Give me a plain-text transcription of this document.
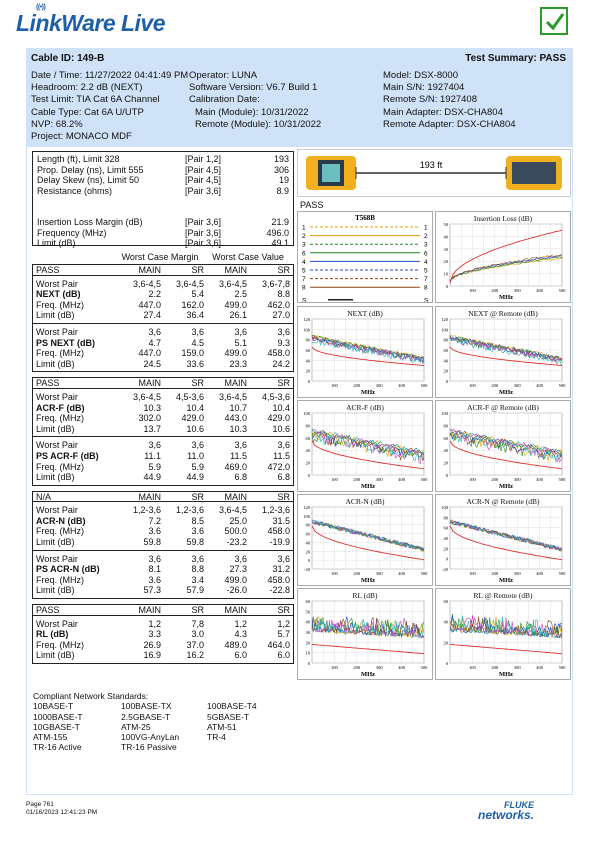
((•))
LinkWare Live
Cable ID: 149-B	Test Summary: PASS
Date / Time: 11/27/2022 04:41:49 PM
Headroom: 2.2 dB (NEXT)
Test Limit: TIA Cat 6A Channel
Cable Type: Cat 6A U/UTP
NVP: 68.2%
Project: MONACO MDF
Operator: LUNA
Software Version: V6.7 Build 1
Calibration Date:
Main (Module): 10/31/2022
Remote (Module): 10/31/2022
Model: DSX-8000
Main S/N: 1927404
Remote S/N: 1927408
Main Adapter: DSX-CHA804
Remote Adapter: DSX-CHA804
Length (ft), Limit 328	[Pair 1,2]	193
Prop. Delay (ns), Limit 555	[Pair 4,5]	306
Delay Skew (ns), Limit 50	[Pair 4,5]	19
Resistance (ohms)	[Pair 3,6]	8.9
Insertion Loss Margin (dB)	[Pair 3,6]	21.9
Frequency (MHz)	[Pair 3,6]	496.0
Limit (dB)	[Pair 3,6]	49.1
Worst Case Margin	Worst Case Value
PASS	MAIN	SR	MAIN	SR
Worst Pair	3,6-4,5	3,6-4,5	3,6-4,5	3,6-7,8
NEXT (dB)	2.2	5.4	2.5	8.8
Freq. (MHz)	447.0	162.0	499.0	462.0
Limit (dB)	27.4	36.4	26.1	27.0
Worst Pair	3,6	3,6	3,6	3,6
PS NEXT (dB)	4.7	4.5	5.1	9.3
Freq. (MHz)	447.0	159.0	499.0	458.0
Limit (dB)	24.5	33.6	23.3	24.2
PASS	MAIN	SR	MAIN	SR
Worst Pair	3,6-4,5	4,5-3,6	3,6-4,5	4,5-3,6
ACR-F (dB)	10.3	10.4	10.7	10.4
Freq. (MHz)	302.0	429.0	443.0	429.0
Limit (dB)	13.7	10.6	10.3	10.6
Worst Pair	3,6	3,6	3,6	3,6
PS ACR-F (dB)	11.1	11.0	11.5	11.5
Freq. (MHz)	5.9	5.9	469.0	472.0
Limit (dB)	44.9	44.9	6.8	6.8
N/A	MAIN	SR	MAIN	SR
Worst Pair	1,2-3,6	1,2-3,6	3,6-4,5	1,2-3,6
ACR-N (dB)	7.2	8.5	25.0	31.5
Freq. (MHz)	3.6	3.6	500.0	458.0
Limit (dB)	59.8	59.8	-23.2	-19.9
Worst Pair	3,6	3,6	3,6	3,6
PS ACR-N (dB)	8.1	8.8	27.3	31.2
Freq. (MHz)	3.6	3.4	499.0	458.0
Limit (dB)	57.3	57.9	-26.0	-22.8
PASS	MAIN	SR	MAIN	SR
Worst Pair	1,2	7,8	1,2	1,2
RL (dB)	3.3	3.0	4.3	5.7
Freq. (MHz)	26.9	37.0	489.0	464.0
Limit (dB)	16.9	16.2	6.0	6.0
Compliant Network Standards:
10BASE-T	100BASE-TX	100BASE-T4
1000BASE-T	2.5GBASE-T	5GBASE-T
10GBASE-T	ATM-25	ATM-51
ATM-155	100VG-AnyLan	TR-4
TR-16 Active	TR-16 Passive
193 ft
PASS
T568B
1	1
2	2
3	3
6	6
4	4
5	5
7	7
8	8
S	S
Insertion Loss (dB)
50
40
30
20
10
0
100	200	300	400	500
MHz
NEXT (dB)
120
100
80
60
40
20
0
100	200	300	400	500
MHz
NEXT @ Remote (dB)
120
100
80
60
40
20
0
100	200	300	400	500
MHz
ACR-F (dB)
100
80
60
40
20
0
100	200	300	400	500
MHz
ACR-F @ Remote (dB)
100
80
60
40
20
0
100	200	300	400	500
MHz
ACR-N (dB)
120
100
80
60
40
20
0
-20
100	200	300	400	500
MHz
ACR-N @ Remote (dB)
100
80
60
40
20
0
-20
100	200	300	400	500
MHz
RL (dB)
60
50
40
30
20
10
0
100	200	300	400	500
MHz
RL @ Remote (dB)
60
40
20
0
100	200	300	400	500
MHz
Page 761
01/16/2023 12:41:23 PM
FLUKE
networks.
